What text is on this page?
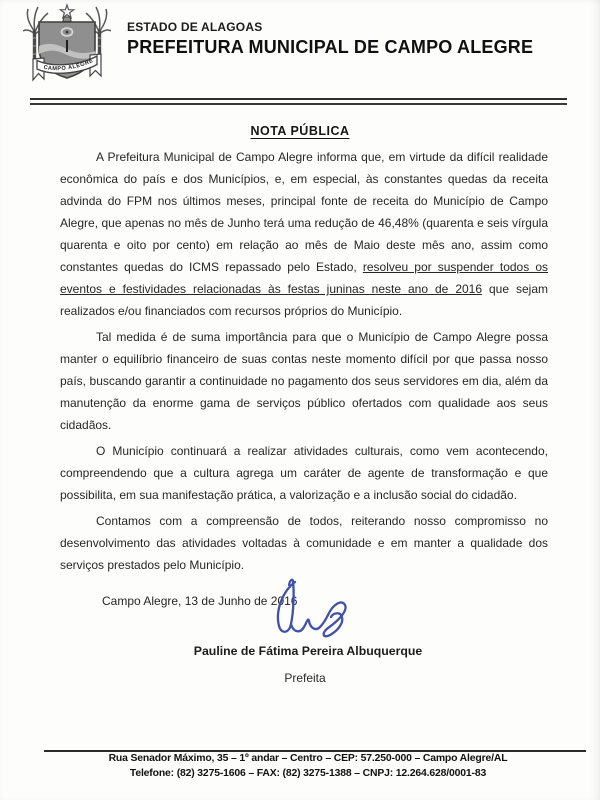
CAMPO ALEGRE
ESTADO DE ALAGOAS
PREFEITURA MUNICIPAL DE CAMPO ALEGRE
NOTA PÚBLICA

A Prefeitura Municipal de Campo Alegre informa que, em virtude da difícil realidade econômica do país e dos Municípios, e, em especial, às constantes quedas da receita advinda do FPM nos últimos meses, principal fonte de receita do Município de Campo Alegre, que apenas no mês de Junho terá uma redução de 46,48% (quarenta e seis vírgula quarenta e oito por cento) em relação ao mês de Maio deste mês ano, assim como constantes quedas do ICMS repassado pelo Estado, resolveu por suspender todos os eventos e festividades relacionadas às festas juninas neste ano de 2016 que sejam realizados e/ou financiados com recursos próprios do Município.

Tal medida é de suma importância para que o Município de Campo Alegre possa manter o equilíbrio financeiro de suas contas neste momento difícil por que passa nosso país, buscando garantir a continuidade no pagamento dos seus servidores em dia, além da manutenção da enorme gama de serviços público ofertados com qualidade aos seus cidadãos.

O Município continuará a realizar atividades culturais, como vem acontecendo, compreendendo que a cultura agrega um caráter de agente de transformação e que possibilita, em sua manifestação prática, a valorização e a inclusão social do cidadão.

Contamos com a compreensão de todos, reiterando nosso compromisso no desenvolvimento das atividades voltadas à comunidade e em manter a qualidade dos serviços prestados pelo Município.

Campo Alegre, 13 de Junho de 2016
Pauline de Fátima Pereira Albuquerque
Prefeita
Rua Senador Máximo, 35 – 1º andar – Centro – CEP: 57.250-000 – Campo Alegre/AL
Telefone: (82) 3275-1606 – FAX: (82) 3275-1388 – CNPJ: 12.264.628/0001-83
